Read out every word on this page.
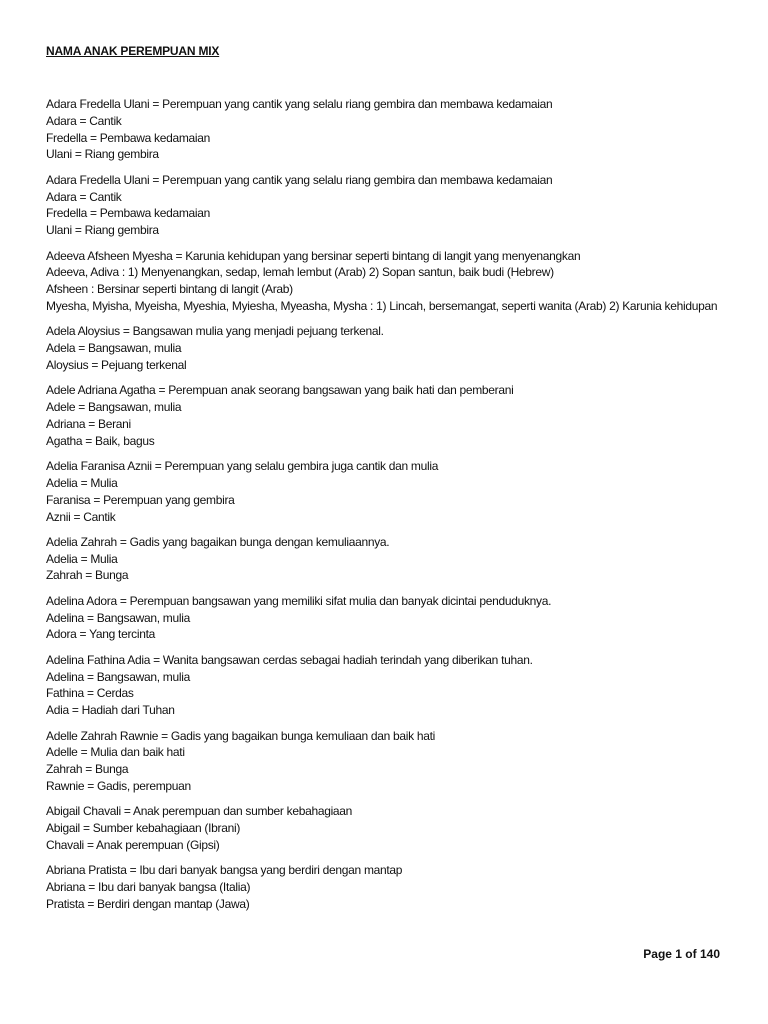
NAMA ANAK PEREMPUAN MIX
Adara Fredella Ulani = Perempuan yang cantik yang selalu riang gembira dan membawa kedamaian
Adara = Cantik
Fredella = Pembawa kedamaian
Ulani = Riang gembira
Adara Fredella Ulani = Perempuan yang cantik yang selalu riang gembira dan membawa kedamaian
Adara = Cantik
Fredella = Pembawa kedamaian
Ulani = Riang gembira
Adeeva Afsheen Myesha = Karunia kehidupan yang bersinar seperti bintang di langit yang menyenangkan
Adeeva, Adiva : 1) Menyenangkan, sedap, lemah lembut (Arab) 2) Sopan santun, baik budi (Hebrew)
Afsheen : Bersinar seperti bintang di langit (Arab)
Myesha, Myisha, Myeisha, Myeshia, Myiesha, Myeasha, Mysha : 1) Lincah, bersemangat, seperti wanita (Arab) 2) Karunia kehidupan
Adela Aloysius = Bangsawan mulia yang menjadi pejuang terkenal.
Adela = Bangsawan, mulia
Aloysius = Pejuang terkenal
Adele Adriana Agatha = Perempuan anak seorang bangsawan yang baik hati dan pemberani
Adele = Bangsawan, mulia
Adriana = Berani
Agatha = Baik, bagus
Adelia Faranisa Aznii = Perempuan yang selalu gembira juga cantik dan mulia
Adelia = Mulia
Faranisa = Perempuan yang gembira
Aznii = Cantik
Adelia Zahrah = Gadis yang bagaikan bunga dengan kemuliaannya.
Adelia = Mulia
Zahrah = Bunga
Adelina Adora = Perempuan bangsawan yang memiliki sifat mulia dan banyak dicintai penduduknya.
Adelina = Bangsawan, mulia
Adora = Yang tercinta
Adelina Fathina Adia = Wanita bangsawan cerdas sebagai hadiah terindah yang diberikan tuhan.
Adelina = Bangsawan, mulia
Fathina = Cerdas
Adia = Hadiah dari Tuhan
Adelle Zahrah Rawnie = Gadis yang bagaikan bunga kemuliaan dan baik hati
Adelle = Mulia dan baik hati
Zahrah = Bunga
Rawnie = Gadis, perempuan
Abigail Chavali = Anak perempuan dan sumber kebahagiaan
Abigail = Sumber kebahagiaan (Ibrani)
Chavali = Anak perempuan (Gipsi)
Abriana Pratista = Ibu dari banyak bangsa yang berdiri dengan mantap
Abriana = Ibu dari banyak bangsa (Italia)
Pratista = Berdiri dengan mantap (Jawa)
Page 1 of 140
